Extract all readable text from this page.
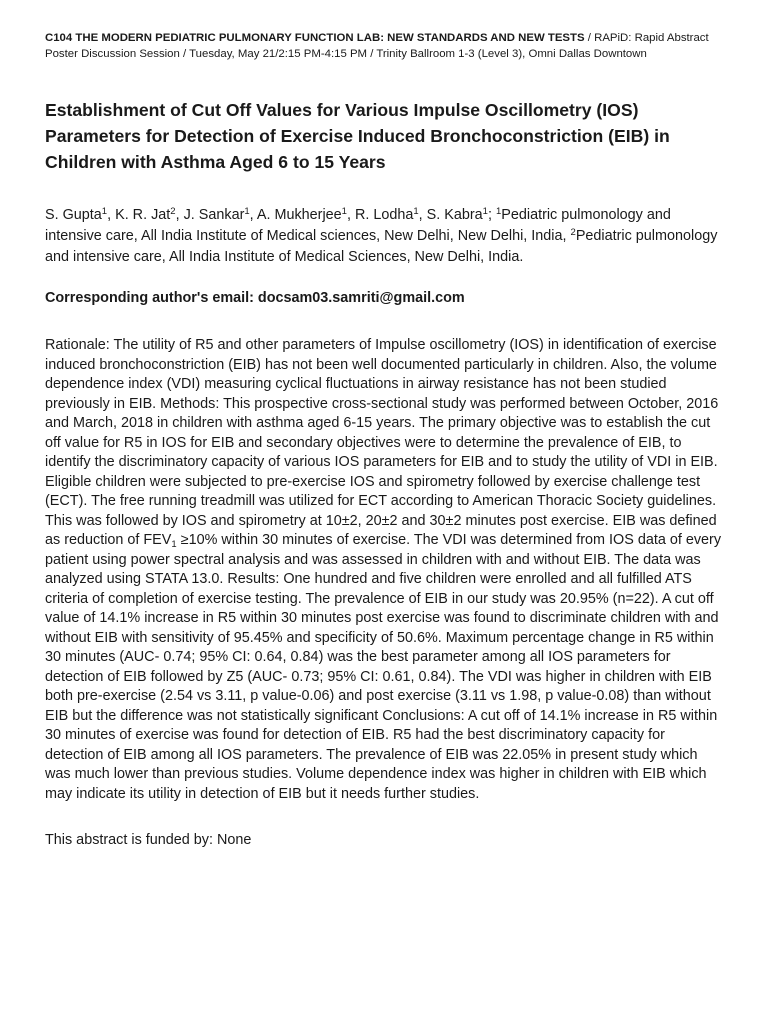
C104 THE MODERN PEDIATRIC PULMONARY FUNCTION LAB: NEW STANDARDS AND NEW TESTS / RAPiD: Rapid Abstract Poster Discussion Session / Tuesday, May 21/2:15 PM-4:15 PM / Trinity Ballroom 1-3 (Level 3), Omni Dallas Downtown

Establishment of Cut Off Values for Various Impulse Oscillometry (IOS) Parameters for Detection of Exercise Induced Bronchoconstriction (EIB) in Children with Asthma Aged 6 to 15 Years

S. Gupta$^1$, K. R. Jat$^2$, J. Sankar$^1$, A. Mukherjee$^1$, R. Lodha$^1$, S. Kabra$^1$; $^1$Pediatric pulmonology and intensive care, All India Institute of Medical sciences, New Delhi, New Delhi, India, $^2$Pediatric pulmonology and intensive care, All India Institute of Medical Sciences, New Delhi, India.

Corresponding author's email: docsam03.samriti@gmail.com

Rationale: The utility of R5 and other parameters of Impulse oscillometry (IOS) in identification of exercise induced bronchoconstriction (EIB) has not been well documented particularly in children. Also, the volume dependence index (VDI) measuring cyclical fluctuations in airway resistance has not been studied previously in EIB. Methods: This prospective cross-sectional study was performed between October, 2016 and March, 2018 in children with asthma aged 6-15 years. The primary objective was to establish the cut off value for R5 in IOS for EIB and secondary objectives were to determine the prevalence of EIB, to identify the discriminatory capacity of various IOS parameters for EIB and to study the utility of VDI in EIB. Eligible children were subjected to pre-exercise IOS and spirometry followed by exercise challenge test (ECT). The free running treadmill was utilized for ECT according to American Thoracic Society guidelines. This was followed by IOS and spirometry at 10±2, 20±2 and 30±2 minutes post exercise. EIB was defined as reduction of $FEV_1 \ge 10\%$ within 30 minutes of exercise. The VDI was determined from IOS data of every patient using power spectral analysis and was assessed in children with and without EIB. The data was analyzed using STATA 13.0. Results: One hundred and five children were enrolled and all fulfilled ATS criteria of completion of exercise testing. The prevalence of EIB in our study was 20.95% (n=22). A cut off value of 14.1% increase in R5 within 30 minutes post exercise was found to discriminate children with and without EIB with sensitivity of 95.45% and specificity of 50.6%. Maximum percentage change in R5 within 30 minutes (AUC- 0.74; 95% CI: 0.64, 0.84) was the best parameter among all IOS parameters for detection of EIB followed by Z5 (AUC- 0.73; 95% CI: 0.61, 0.84). The VDI was higher in children with EIB both pre-exercise (2.54 vs 3.11, p value-0.06) and post exercise (3.11 vs 1.98, p value-0.08) than without EIB but the difference was not statistically significant Conclusions: A cut off of 14.1% increase in R5 within 30 minutes of exercise was found for detection of EIB. R5 had the best discriminatory capacity for detection of EIB among all IOS parameters. The prevalence of EIB was 22.05% in present study which was much lower than previous studies. Volume dependence index was higher in children with EIB which may indicate its utility in detection of EIB but it needs further studies.

This abstract is funded by: None
